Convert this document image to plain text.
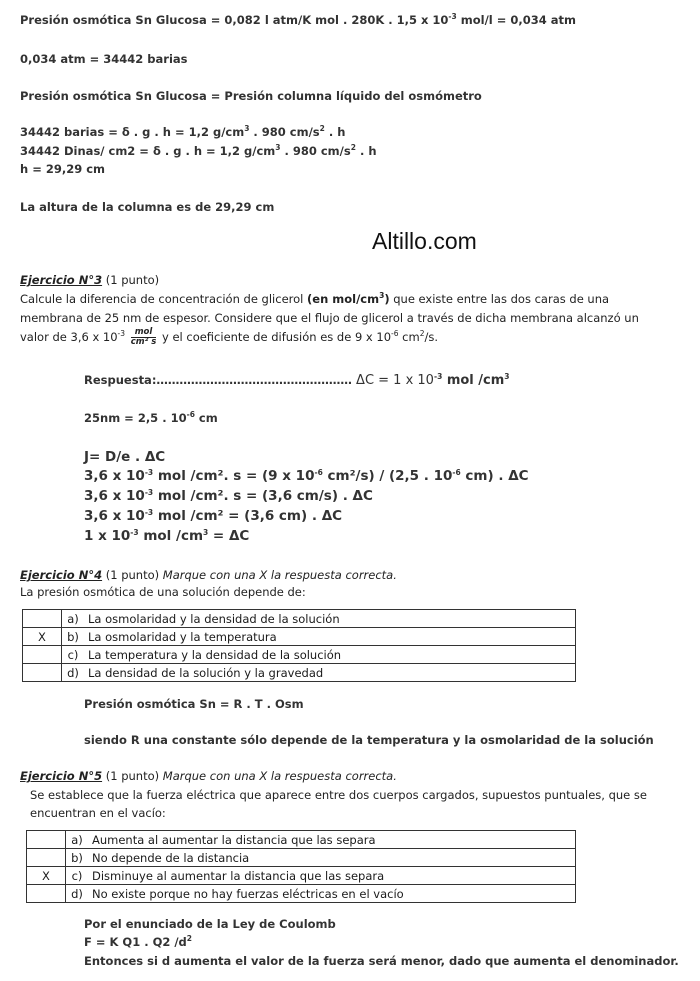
Presión osmótica Sn Glucosa = 0,082 l atm/K mol . 280K . 1,5 x $10^{-3}$ mol/l = 0,034 atm
0,034 atm = 34442 barias
Presión osmótica Sn Glucosa = Presión columna líquido del osmómetro
34442 barias = δ . g . h = 1,2 $g/cm^3$ . 980 $cm/s^2$ . h
34442 Dinas/ cm2 = δ . g . h = 1,2 $g/cm^3$ . 980 $cm/s^2$ . h
h = 29,29 cm
La altura de la columna es de 29,29 cm
Altillo.com
Ejercicio N°3 (1 punto)
Calcule la diferencia de concentración de glicerol (en mol/$cm^3$) que existe entre las dos caras de una
membrana de 25 nm de espesor. Considere que el flujo de glicerol a través de dicha membrana alcanzó un
valor de 3,6 x $10^{-3} \frac{\text{mol}}{\text{cm² s}}$ y el coeficiente de difusión es de 9 x $10^{-6}$ $cm^2/s$.
Respuesta:…………………………………………… ΔC = 1 x $10^{-3}$ mol $/cm^3$
25nm = 2,5 . $10^{-6}$ cm
J= D/e . ΔC
3,6 x $10^{-3}$ mol /cm². s = (9 x $10^{-6}$ cm²/s) / (2,5 . $10^{-6}$ cm) . ΔC
3,6 x $10^{-3}$ mol /cm². s = (3,6 cm/s) . ΔC
3,6 x $10^{-3}$ mol /cm² = (3,6 cm) . ΔC
1 x $10^{-3}$ mol $/cm^3 = \Delta C$
Ejercicio N°4 (1 punto) Marque con una X la respuesta correcta.
La presión osmótica de una solución depende de:
	a)	La osmolaridad y la densidad de la solución
X	b)	La osmolaridad y la temperatura
	c)	La temperatura y la densidad de la solución
	d)	La densidad de la solución y la gravedad
Presión osmótica Sn = R . T . Osm
siendo R una constante sólo depende de la temperatura y la osmolaridad de la solución
Ejercicio N°5 (1 punto) Marque con una X la respuesta correcta.
Se establece que la fuerza eléctrica que aparece entre dos cuerpos cargados, supuestos puntuales, que se
encuentran en el vacío:
	a)	Aumenta al aumentar la distancia que las separa
	b)	No depende de la distancia
X	c)	Disminuye al aumentar la distancia que las separa
	d)	No existe porque no hay fuerzas eléctricas en el vacío
Por el enunciado de la Ley de Coulomb
F = K Q1 . Q2 $/d^2$
Entonces si d aumenta el valor de la fuerza será menor, dado que aumenta el denominador.
